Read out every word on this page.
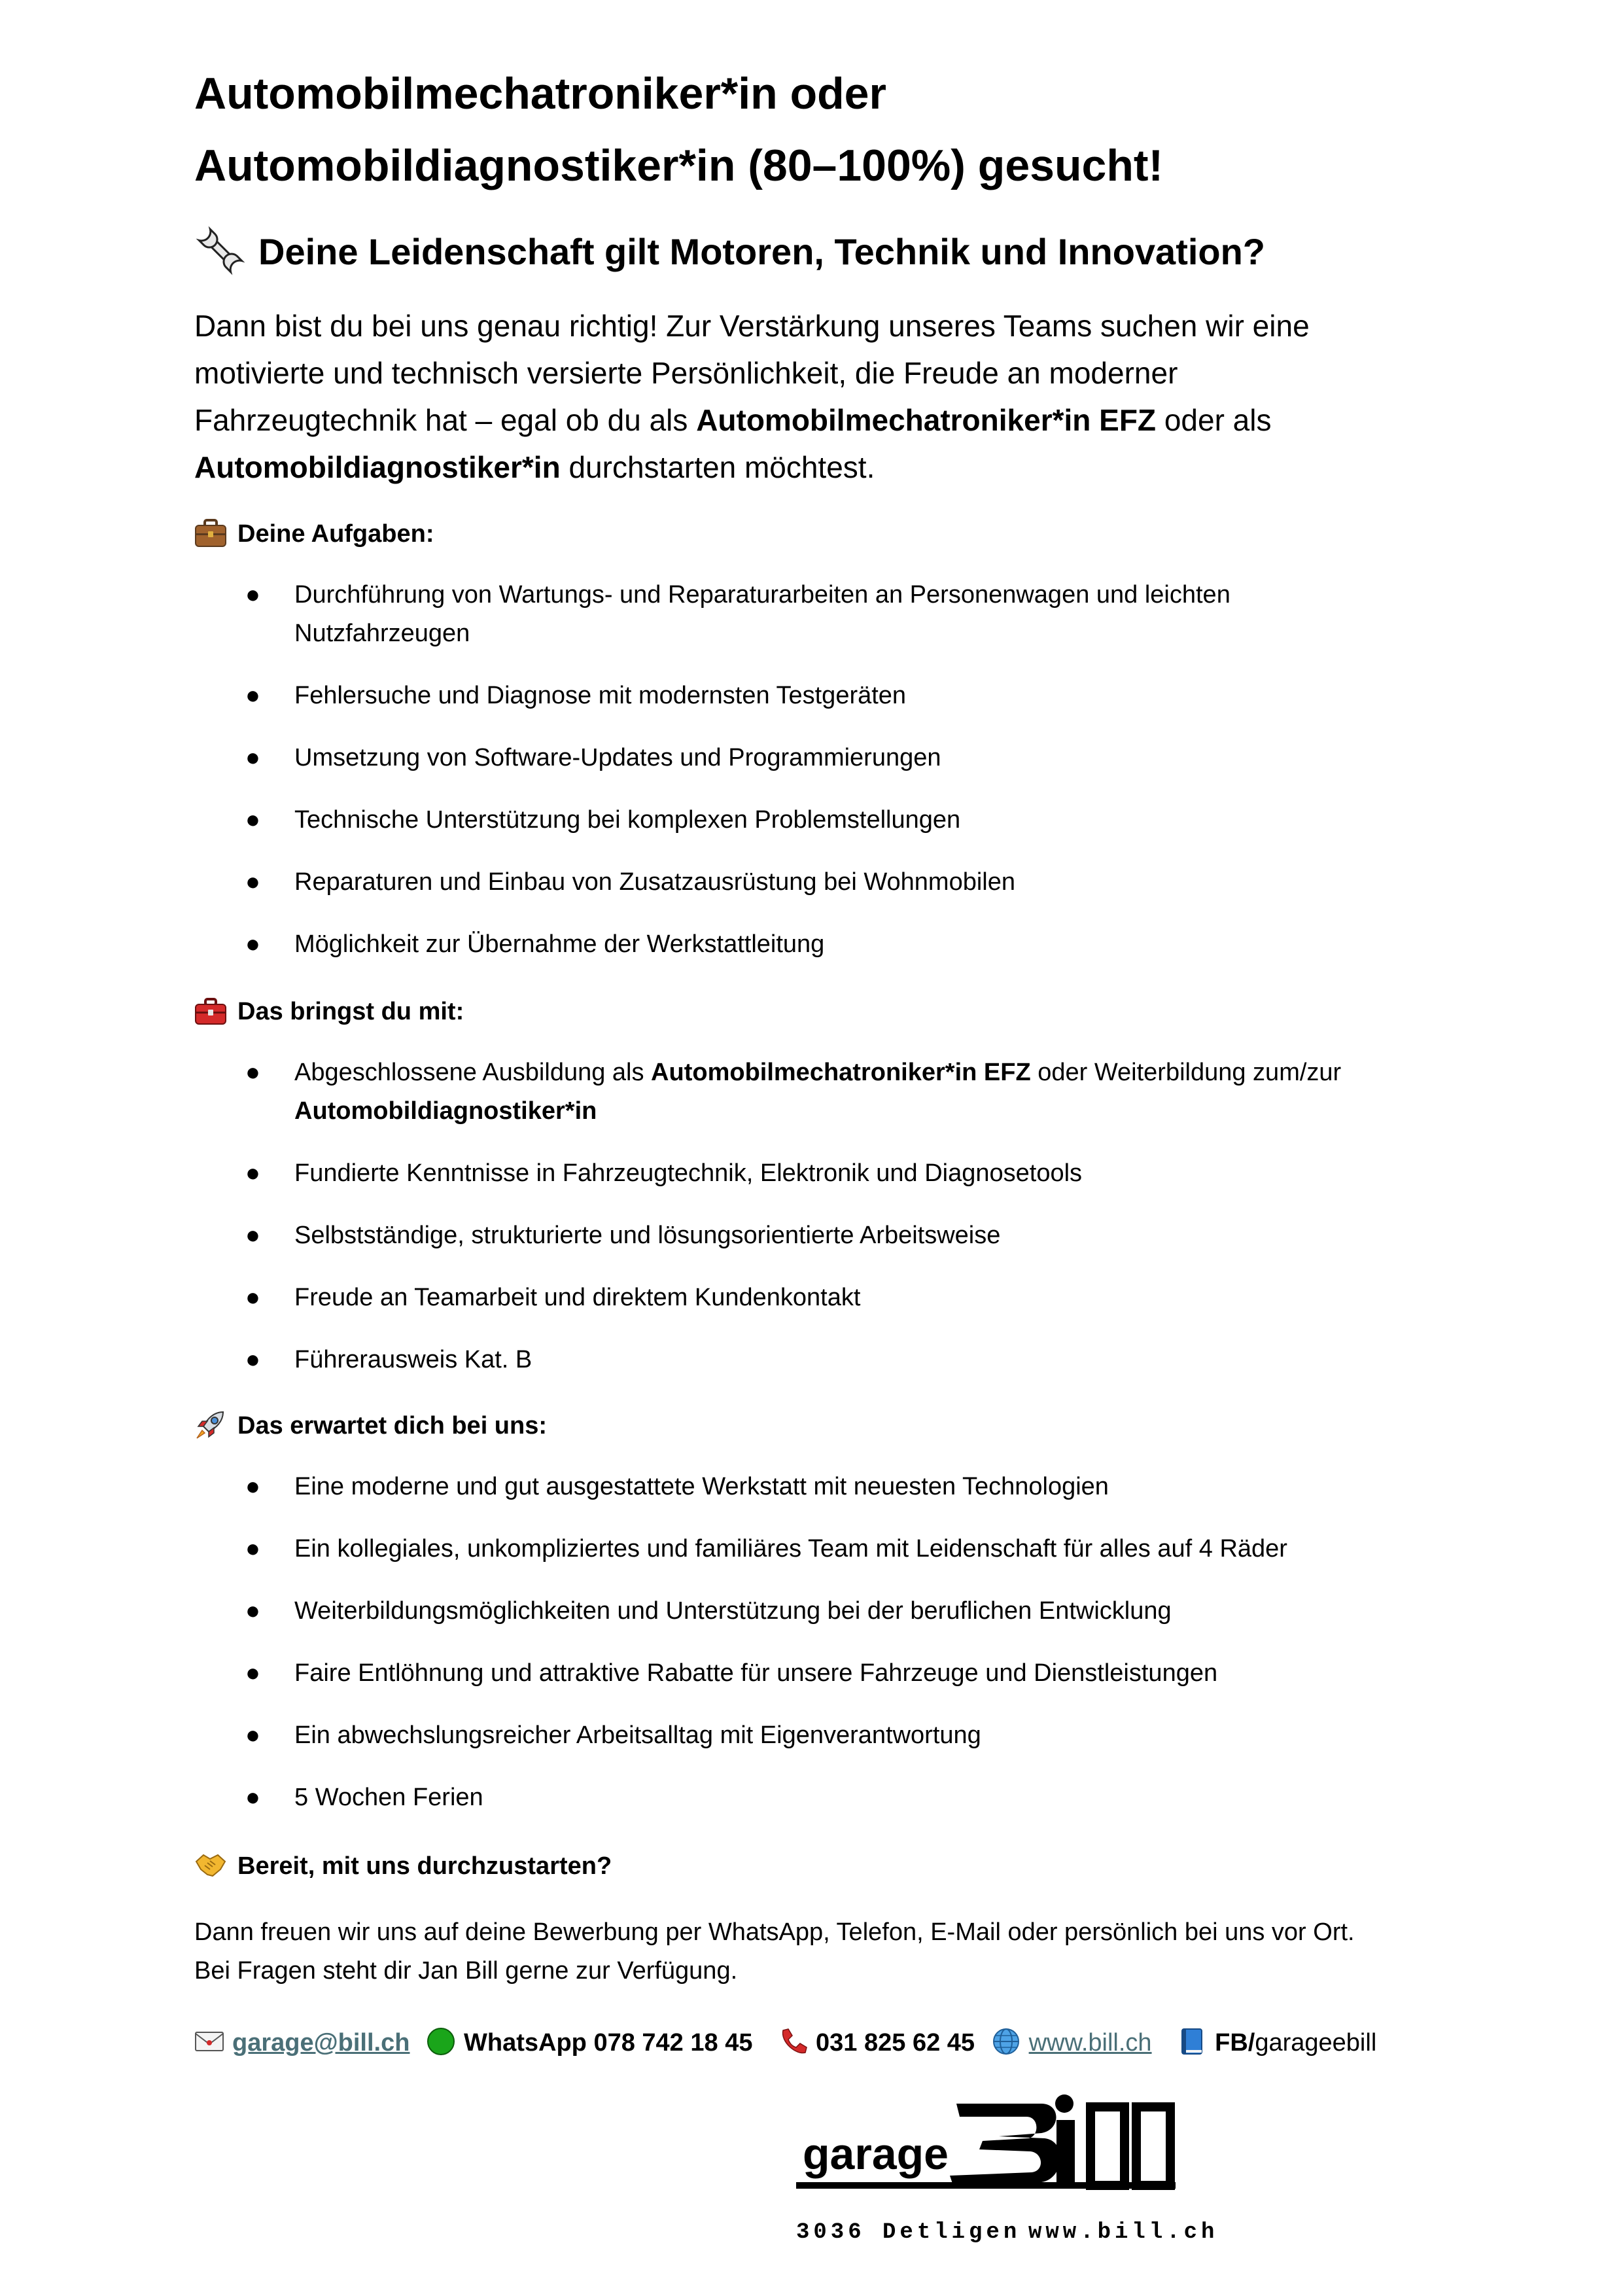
Automobilmechatroniker*in oder
Automobildiagnostiker*in (80–100%) gesucht!
Deine Leidenschaft gilt Motoren, Technik und Innovation?

Dann bist du bei uns genau richtig! Zur Verstärkung unseres Teams suchen wir eine
motivierte und technisch versierte Persönlichkeit, die Freude an moderner
Fahrzeugtechnik hat – egal ob du als Automobilmechatroniker*in EFZ oder als
Automobildiagnostiker*in durchstarten möchtest.

Deine Aufgaben:
● Durchführung von Wartungs- und Reparaturarbeiten an Personenwagen und leichten
Nutzfahrzeugen
● Fehlersuche und Diagnose mit modernsten Testgeräten
● Umsetzung von Software-Updates und Programmierungen
● Technische Unterstützung bei komplexen Problemstellungen
● Reparaturen und Einbau von Zusatzausrüstung bei Wohnmobilen
● Möglichkeit zur Übernahme der Werkstattleitung
Das bringst du mit:
● Abgeschlossene Ausbildung als Automobilmechatroniker*in EFZ oder Weiterbildung zum/zur
Automobildiagnostiker*in
● Fundierte Kenntnisse in Fahrzeugtechnik, Elektronik und Diagnosetools
● Selbstständige, strukturierte und lösungsorientierte Arbeitsweise
● Freude an Teamarbeit und direktem Kundenkontakt
● Führerausweis Kat. B
Das erwartet dich bei uns:
● Eine moderne und gut ausgestattete Werkstatt mit neuesten Technologien
● Ein kollegiales, unkompliziertes und familiäres Team mit Leidenschaft für alles auf 4 Räder
● Weiterbildungsmöglichkeiten und Unterstützung bei der beruflichen Entwicklung
● Faire Entlöhnung und attraktive Rabatte für unsere Fahrzeuge und Dienstleistungen
● Ein abwechslungsreicher Arbeitsalltag mit Eigenverantwortung
● 5 Wochen Ferien
Bereit, mit uns durchzustarten?

Dann freuen wir uns auf deine Bewerbung per WhatsApp, Telefon, E-Mail oder persönlich bei uns vor Ort.
Bei Fragen steht dir Jan Bill gerne zur Verfügung.

garage@bill.ch WhatsApp 078 742 18 45	031 825 62 45 www.bill.ch	FB/garageebill
garage
3036 Detligen www.bill.ch
